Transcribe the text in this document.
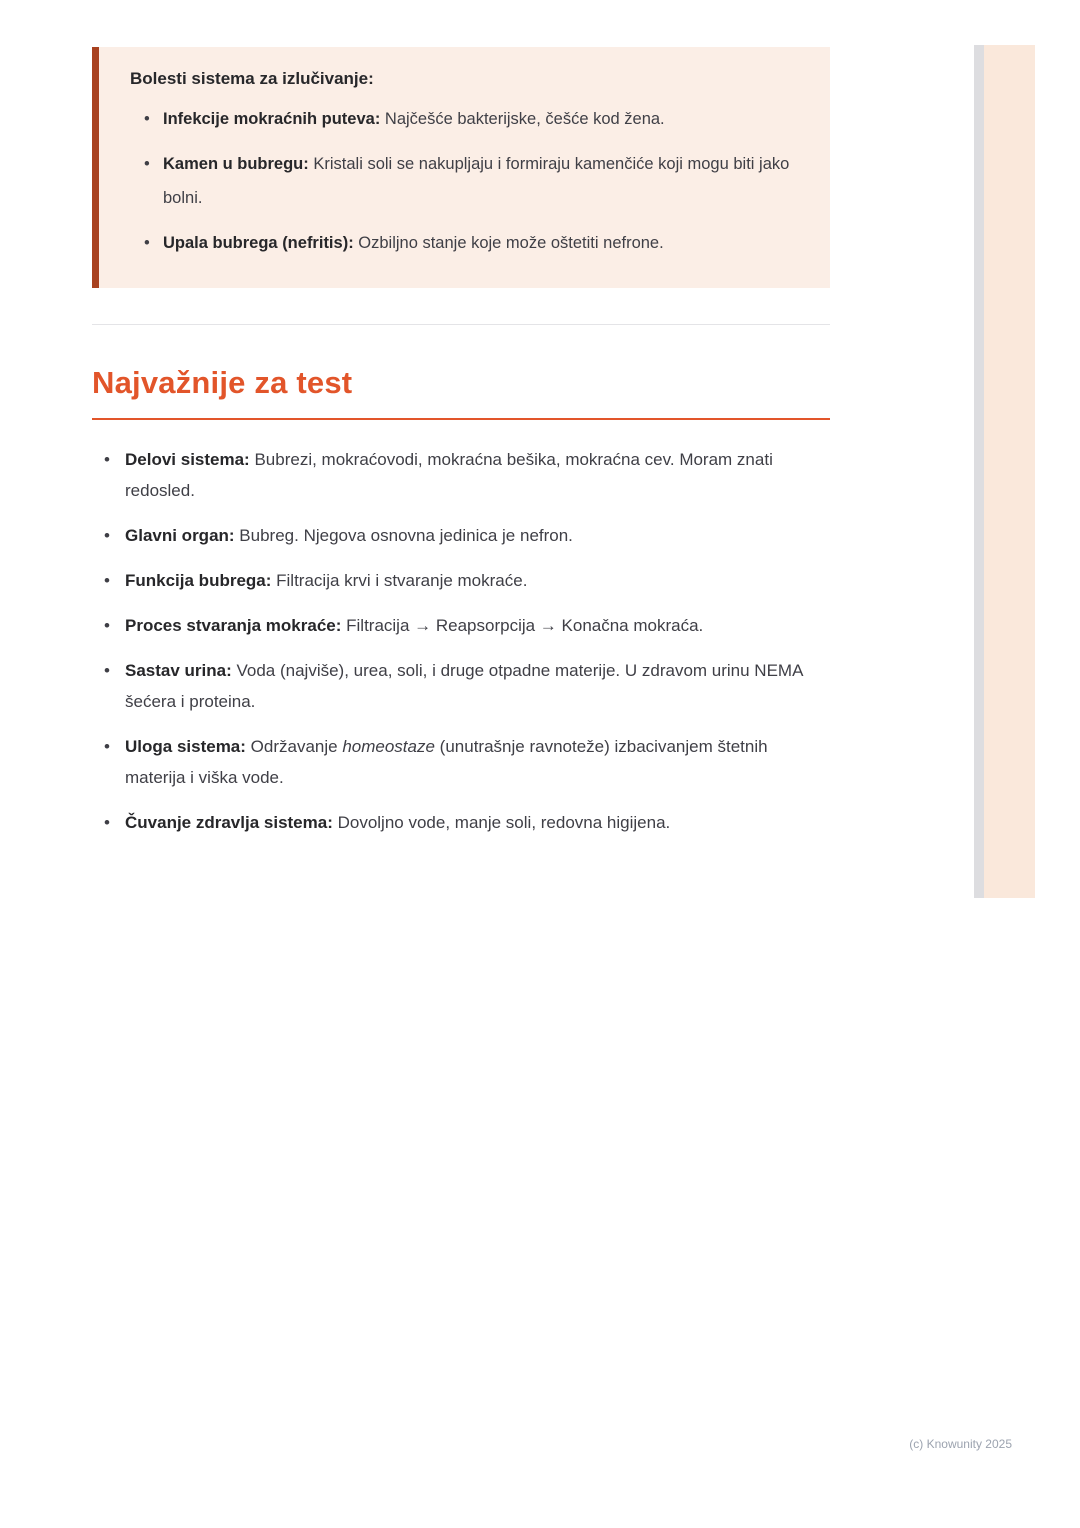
Bolesti sistema za izlučivanje:

• Infekcije mokraćnih puteva: Najčešće bakterijske, češće kod žena.
• Kamen u bubregu: Kristali soli se nakupljaju i formiraju kamenčiće koji mogu biti jako bolni.
• Upala bubrega (nefritis): Ozbiljno stanje koje može oštetiti nefrone.
Najvažnije za test
• Delovi sistema: Bubrezi, mokraćovodi, mokraćna bešika, mokraćna cev. Moram znati redosled.
• Glavni organ: Bubreg. Njegova osnovna jedinica je nefron.
• Funkcija bubrega: Filtracija krvi i stvaranje mokraće.
• Proces stvaranja mokraće: Filtracija → Reapsorpcija → Konačna mokraća.
• Sastav urina: Voda (najviše), urea, soli, i druge otpadne materije. U zdravom urinu NEMA šećera i proteina.
• Uloga sistema: Održavanje homeostaze (unutrašnje ravnoteže) izbacivanjem štetnih materija i viška vode.
• Čuvanje zdravlja sistema: Dovoljno vode, manje soli, redovna higijena.
(c) Knowunity 2025
